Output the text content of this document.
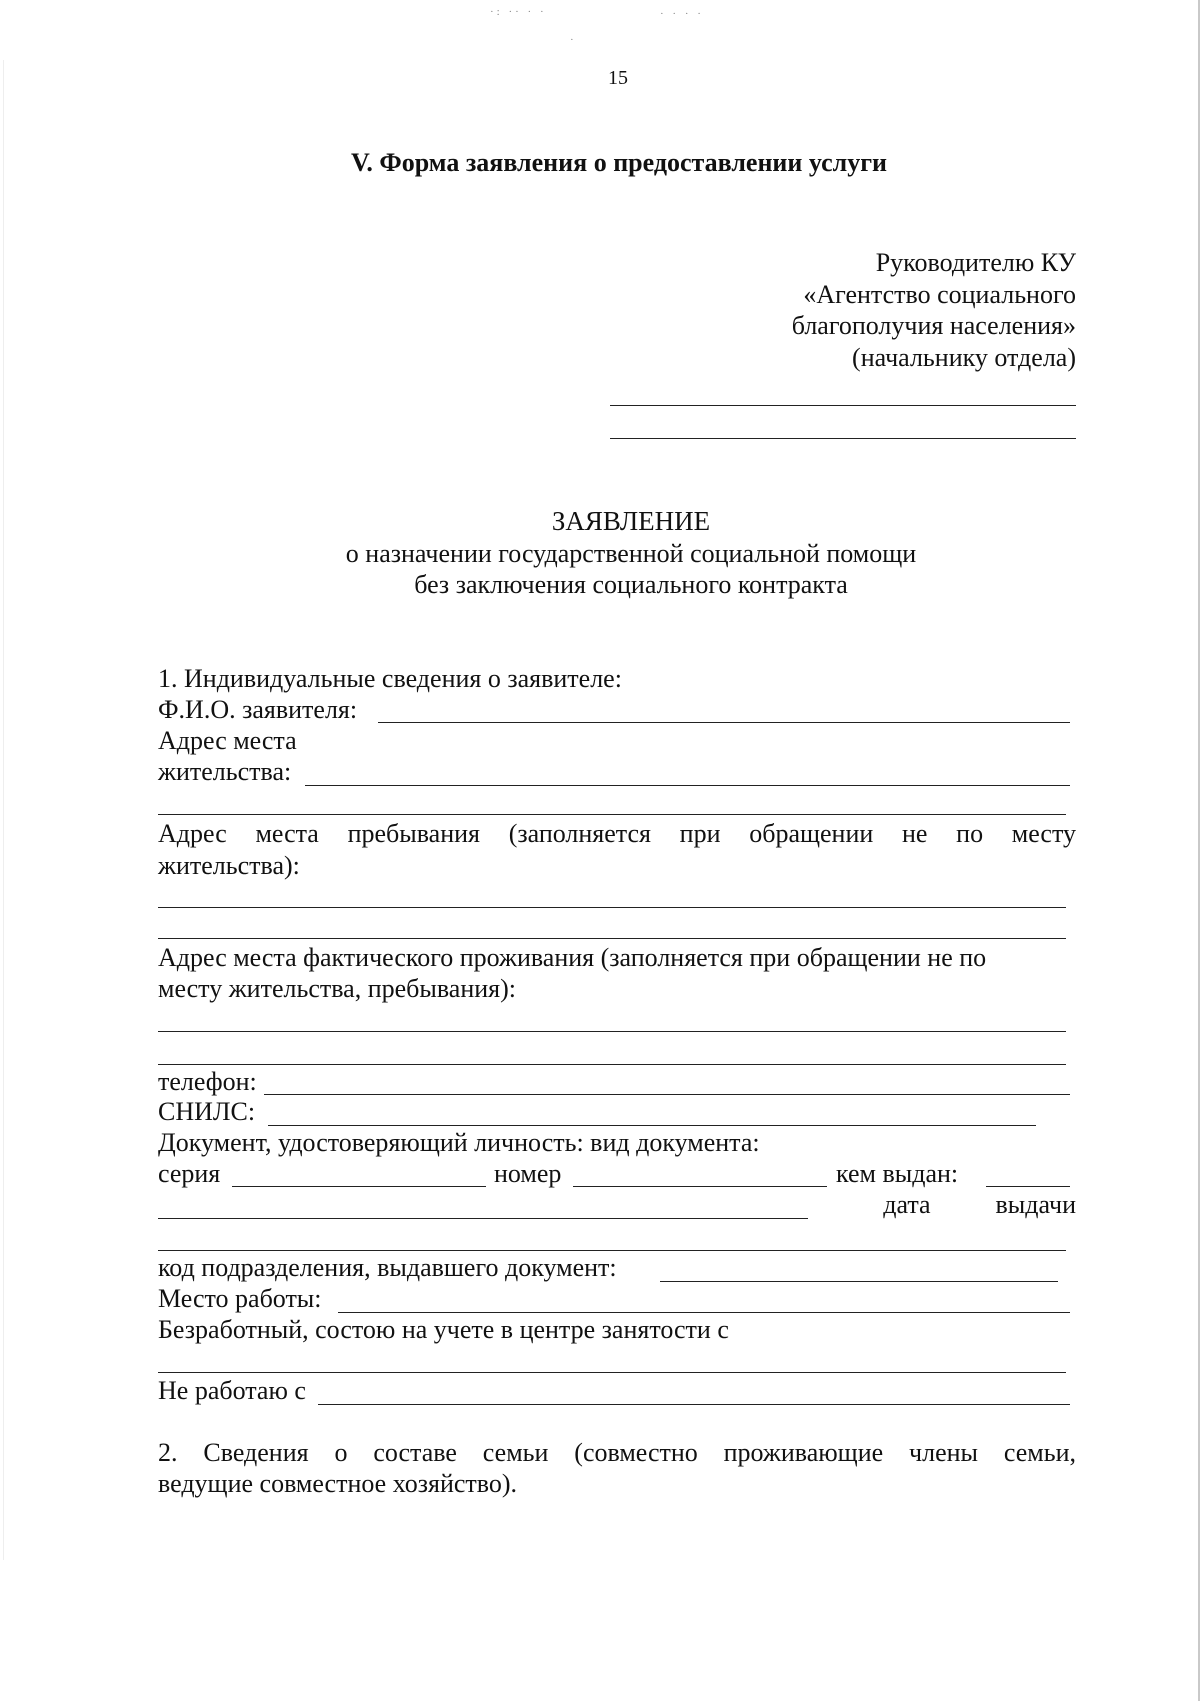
·: ·· · ·	· · · ·
·
15
V. Форма заявления о предоставлении услуги
Руководителю КУ
«Агентство социального
благополучия населения»
(начальнику отдела)
ЗАЯВЛЕНИЕ
о назначении государственной социальной помощи
без заключения социального контракта
1. Индивидуальные сведения о заявителе:
Ф.И.О. заявителя:
Адрес места
жительства:
Адрес места пребывания (заполняется при обращении не по месту
жительства):
Адрес места фактического проживания (заполняется при обращении не по
месту жительства, пребывания):
телефон:
СНИЛС:
Документ, удостоверяющий личность: вид документа:
серия	номер	кем выдан:
дата          выдачи
код подразделения, выдавшего документ:
Место работы:
Безработный, состою на учете в центре занятости с
Не работаю с
2. Сведения о составе семьи (совместно проживающие члены семьи,
ведущие совместное хозяйство).
